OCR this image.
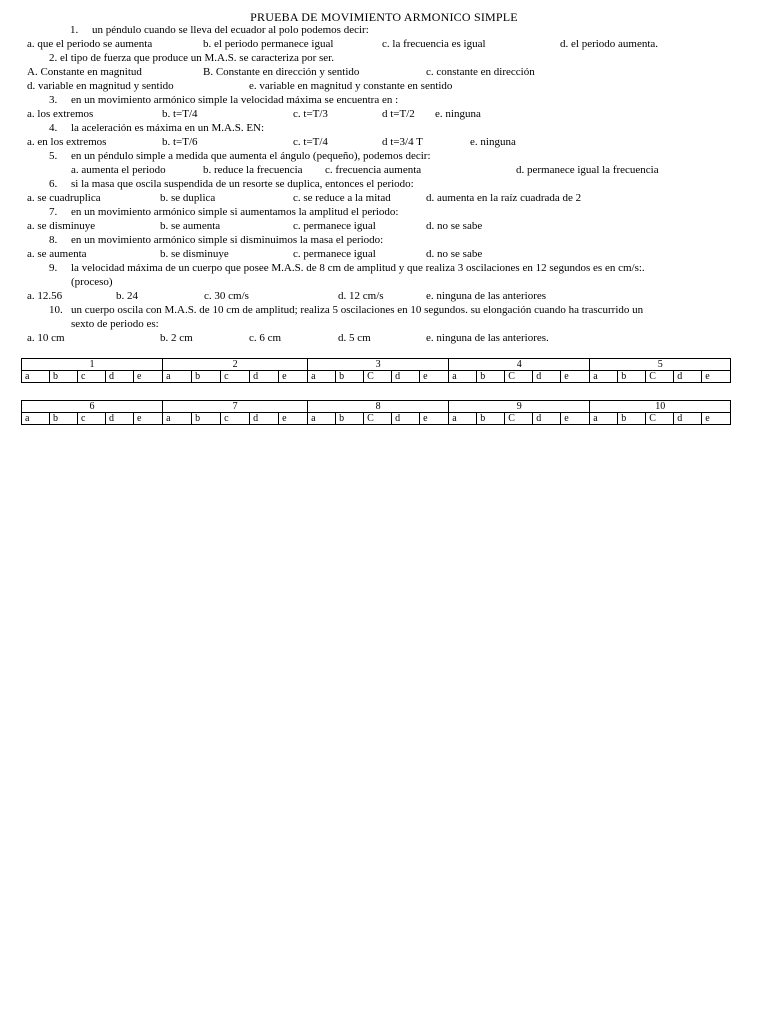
PRUEBA DE MOVIMIENTO ARMONICO SIMPLE
1.     un péndulo cuando se lleva del ecuador al polo podemos decir:
a. que el periodo se aumenta	b. el periodo permanece igual	c. la frecuencia es igual	d. el periodo aumenta.
2. el tipo de fuerza que produce un M.A.S. se caracteriza por ser.
A. Constante en magnitud	B. Constante en dirección y sentido	c. constante en dirección
d. variable en magnitud y sentido	e. variable en magnitud y constante en sentido
3.     en un movimiento armónico simple la velocidad máxima se encuentra en :
a. los extremos	b. t=T/4	c. t=T/3	d t=T/2 e. ninguna
4.     la aceleración es máxima en un M.A.S. EN:
a. en los extremos	b. t=T/6	c. t=T/4	d t=3/4 T	e. ninguna
5.     en un péndulo simple a medida que aumenta el ángulo (pequeño), podemos decir:
a. aumenta el periodo	b. reduce la frecuencia c. frecuencia aumenta	d. permanece igual la frecuencia
6.     si la masa que oscila suspendida de un resorte se duplica, entonces el periodo:
a. se cuadruplica	b. se duplica	c. se reduce a la mitad	d. aumenta en la raíz cuadrada de 2
7.     en un movimiento armónico simple si aumentamos la amplitud el periodo:
a. se disminuye	b. se aumenta	c. permanece igual	d. no se sabe
8.     en un movimiento armónico simple si disminuimos la masa el periodo:
a. se aumenta	b. se disminuye	c. permanece igual	d. no se sabe
9.     la velocidad máxima de un cuerpo que posee M.A.S. de 8 cm de amplitud y que realiza 3 oscilaciones en 12 segundos es en cm/s:.
(proceso)
a. 12.56	b. 24	c. 30 cm/s	d. 12 cm/s	e. ninguna de las anteriores
10.   un cuerpo oscila con M.A.S. de 10 cm de amplitud; realiza 5 oscilaciones en 10 segundos. su elongación cuando ha trascurrido un
sexto de periodo es:
a. 10 cm	b. 2 cm	c. 6 cm	d. 5 cm	e. ninguna de las anteriores.
1					2					3					4					5				
a	b	c	d	e	a	b	c	d	e	a	b	C	d	e	a	b	C	d	e	a	b	C	d	e
6					7					8					9					10				
a	b	c	d	e	a	b	c	d	e	a	b	C	d	e	a	b	C	d	e	a	b	C	d	e
